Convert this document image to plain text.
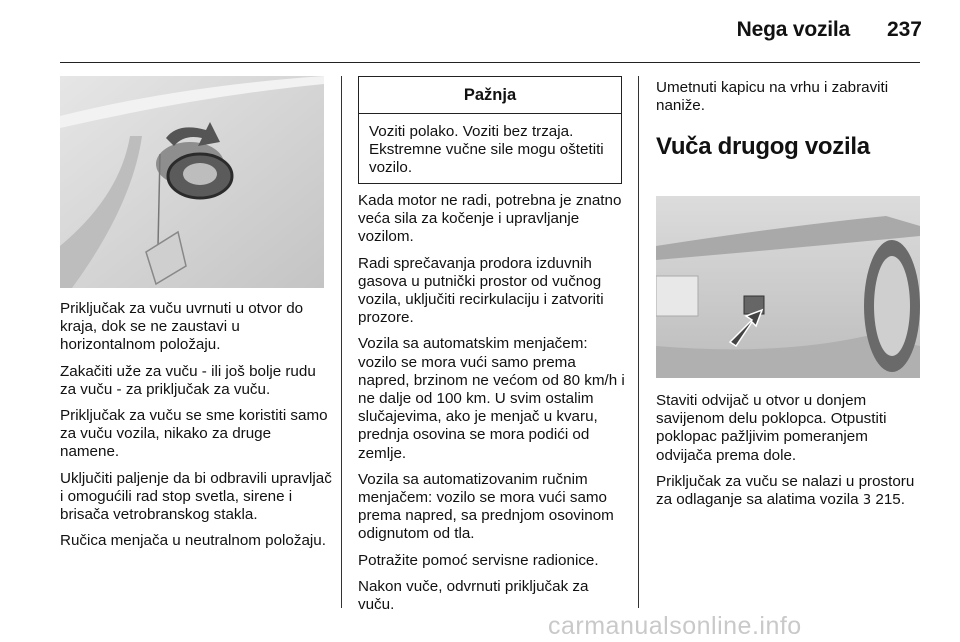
Nega vozila	237

Priključak za vuču uvrnuti u otvor do kraja, dok se ne zaustavi u horizontalnom položaju.

Zakačiti uže za vuču - ili još bolje rudu za vuču - za priključak za vuču.

Priključak za vuču se sme koristiti samo za vuču vozila, nikako za druge namene.

Uključiti paljenje da bi odbravili upravljač i omogućili rad stop svetla, sirene i brisača vetrobranskog stakla.

Ručica menjača u neutralnom položaju.

Pažnja
Voziti polako. Voziti bez trzaja. Ekstremne vučne sile mogu oštetiti vozilo.

Kada motor ne radi, potrebna je znatno veća sila za kočenje i upravljanje vozilom.

Radi sprečavanja prodora izduvnih gasova u putnički prostor od vučnog vozila, uključiti recirkulaciju i zatvoriti prozore.

Vozila sa automatskim menjačem: vozilo se mora vući samo prema napred, brzinom ne većom od 80 km/h i ne dalje od 100 km. U svim ostalim slučajevima, ako je menjač u kvaru, prednja osovina se mora podići od zemlje.

Vozila sa automatizovanim ručnim menjačem: vozilo se mora vući samo prema napred, sa prednjom osovinom odignutom od tla.

Potražite pomoć servisne radionice.

Nakon vuče, odvrnuti priključak za vuču.

Umetnuti kapicu na vrhu i zabraviti naniže.

Vuča drugog vozila

Staviti odvijač u otvor u donjem savijenom delu poklopca. Otpustiti poklopac pažljivim pomeranjem odvijača prema dole.

Priključak za vuču se nalazi u prostoru za odlaganje sa alatima vozila 3 215.

carmanualsonline.info
